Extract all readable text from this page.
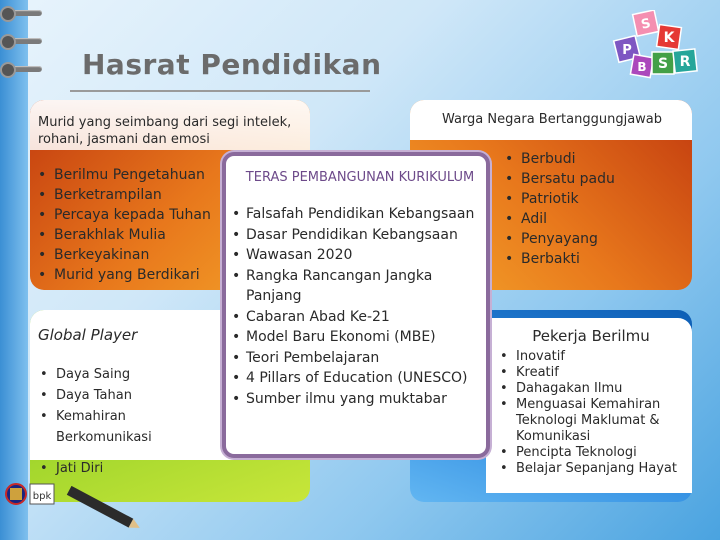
Hasrat Pendidikan
S
K
P
B S R
Murid yang seimbang dari segi intelek, rohani, jasmani dan emosi
• Berilmu Pengetahuan
• Berketrampilan
• Percaya kepada Tuhan
• Berakhlak Mulia
• Berkeyakinan
• Murid yang Berdikari
Warga Negara Bertanggungjawab
• Berbudi
• Bersatu padu
• Patriotik
• Adil
• Penyayang
• Berbakti
Global Player
• Daya Saing
• Daya Tahan
• Kemahiran Berkomunikasi
• Jati Diri
Pekerja Berilmu
• Inovatif
• Kreatif
• Dahagakan Ilmu
• Menguasai Kemahiran Teknologi Maklumat & Komunikasi
• Pencipta Teknologi
• Belajar Sepanjang Hayat
TERAS PEMBANGUNAN KURIKULUM
• Falsafah Pendidikan Kebangsaan
• Dasar Pendidikan Kebangsaan
• Wawasan 2020
• Rangka Rancangan Jangka Panjang
• Cabaran Abad Ke-21
• Model Baru Ekonomi (MBE)
• Teori Pembelajaran
• 4 Pillars of Education (UNESCO)
• Sumber ilmu yang muktabar
bpk
